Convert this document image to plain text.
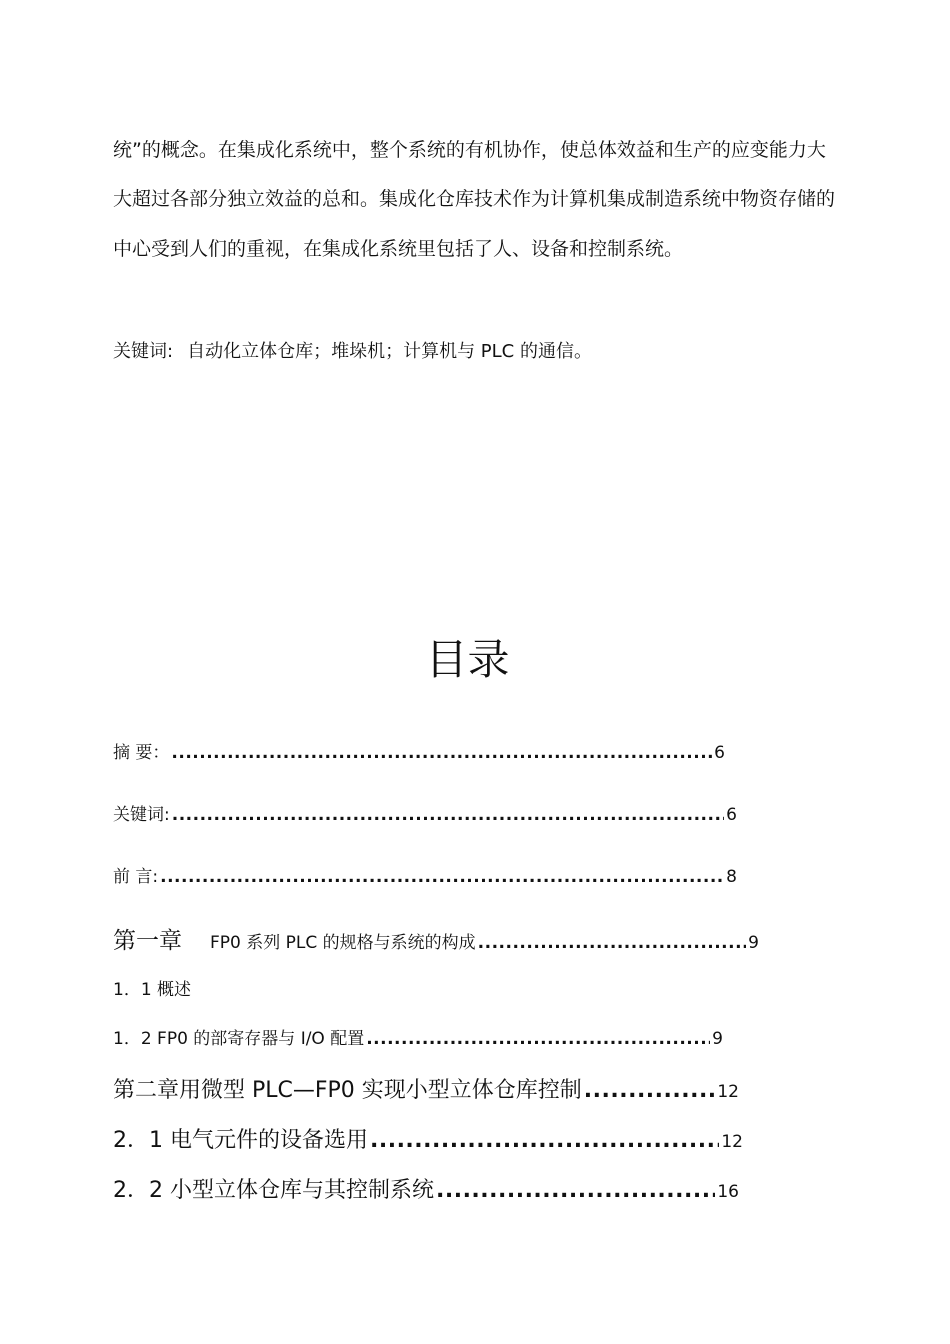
统”的概念。在集成化系统中，整个系统的有机协作，使总体效益和生产的应变能力大
大超过各部分独立效益的总和。集成化仓库技术作为计算机集成制造系统中物资存储的
中心受到人们的重视，在集成化系统里包括了人、设备和控制系统。
关键词: 自动化立体仓库；堆垛机；计算机与 PLC 的通信。
目录
摘 要： .....	6
关键词: .....	6
前 言: .....	8
第一章 FP0 系列 PLC 的规格与系统的构成 .....	9
1．1 概述
1．2 FP0 的部寄存器与 I/O 配置 .....	9
第二章用微型 PLC—FP0 实现小型立体仓库控制 .....	12
2．1 电气元件的设备选用 .....	12
2．2 小型立体仓库与其控制系统 .....	16
